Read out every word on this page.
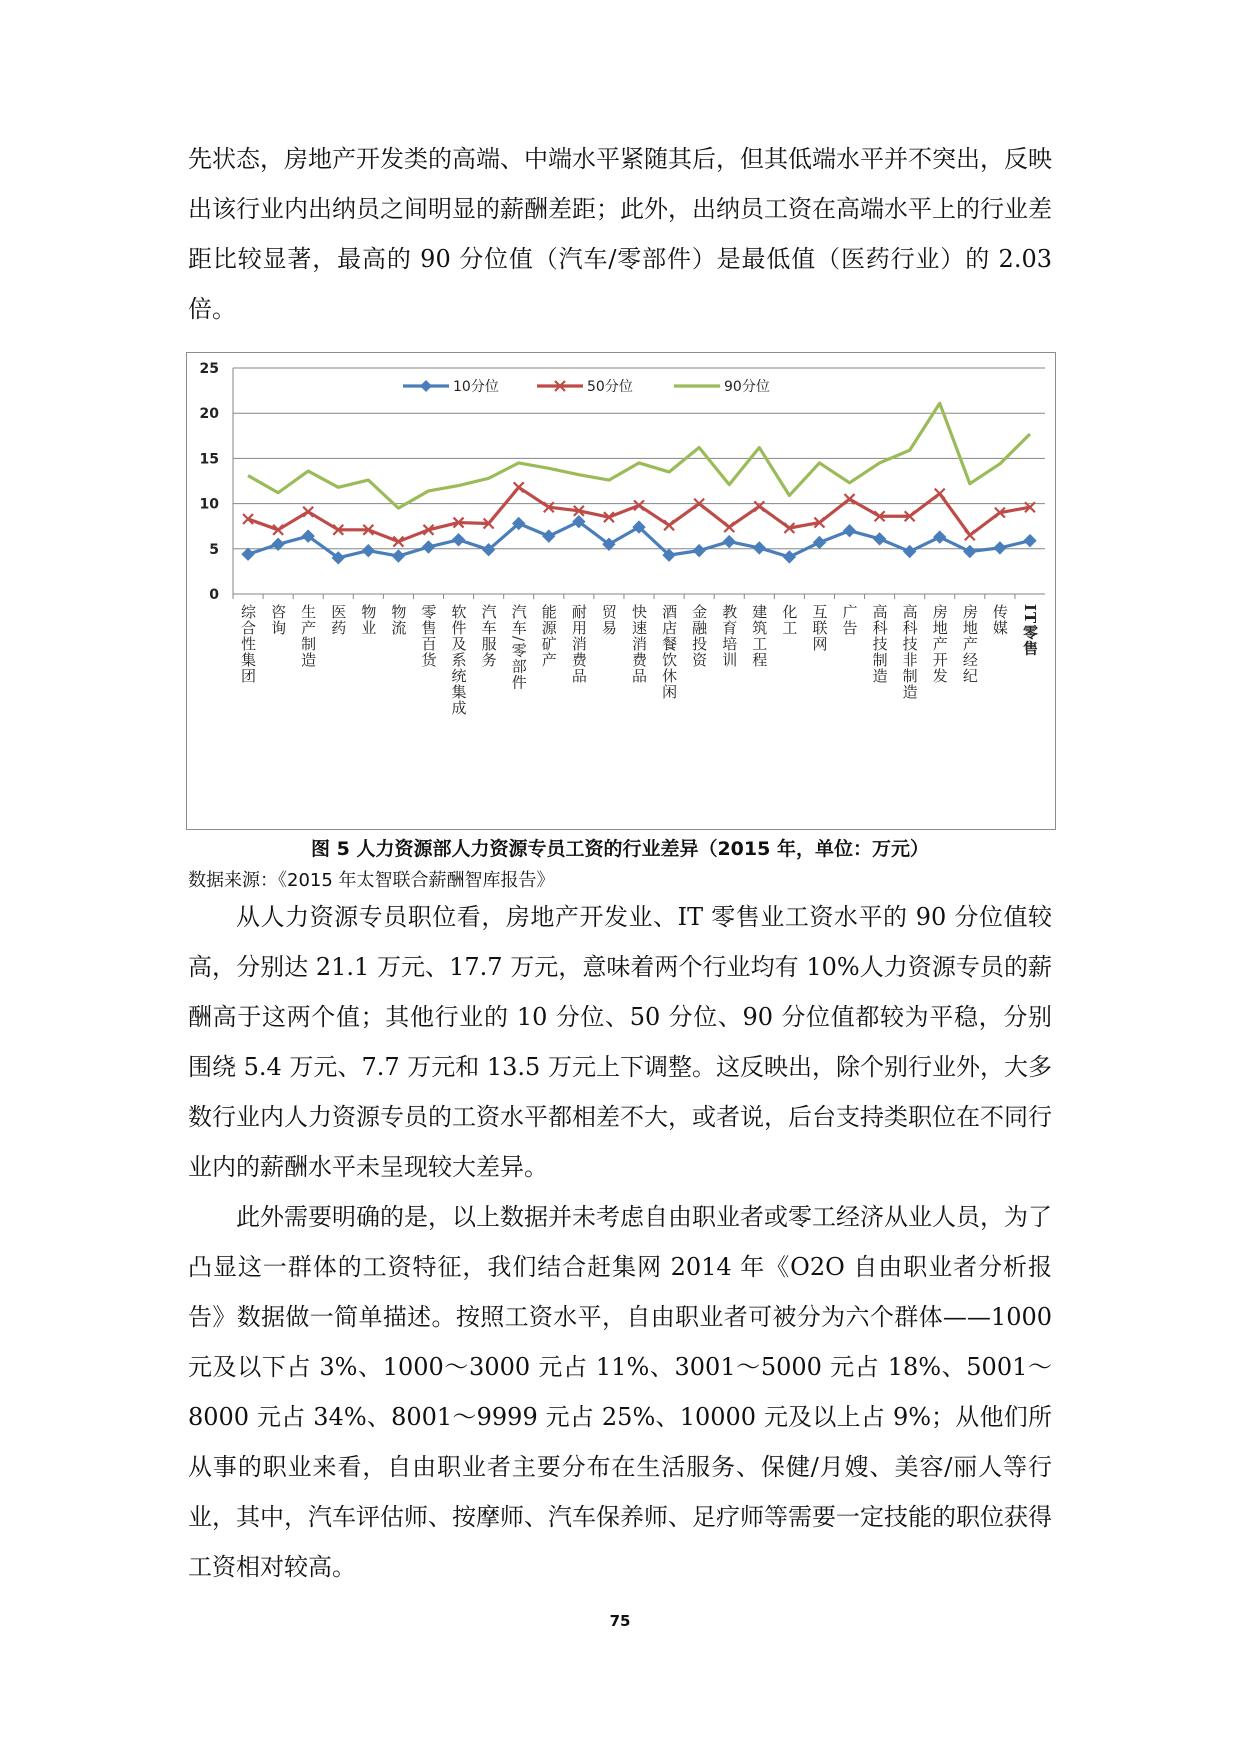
先状态，房地产开发类的高端、中端水平紧随其后，但其低端水平并不突出，反映出该行业内出纳员之间明显的薪酬差距；此外，出纳员工资在高端水平上的行业差距比较显著，最高的 90 分位值（汽车/零部件）是最低值（医药行业）的 2.03 倍。

0
5
10
15
20
25
综合性集团 咨询 生产制造 医药 物业 物流 零售百货 软件及系统集成 汽车服务 汽车/零部件 能源矿产 耐用消费品 贸易 快速消费品 酒店餐饮休闲 金融投资 教育培训 建筑工程 化工 互联网 广告 高科技制造 高科技非制造 房地产开发 房地产经纪 传媒 IT零售
10分位	50分位	90分位
图 5 人力资源部人力资源专员工资的行业差异（2015 年，单位：万元）
数据来源：《2015 年太智联合薪酬智库报告》

从人力资源专员职位看，房地产开发业、IT 零售业工资水平的 90 分位值较高，分别达 21.1 万元、17.7 万元，意味着两个行业均有 10%人力资源专员的薪酬高于这两个值；其他行业的 10 分位、50 分位、90 分位值都较为平稳，分别围绕 5.4 万元、7.7 万元和 13.5 万元上下调整。这反映出，除个别行业外，大多数行业内人力资源专员的工资水平都相差不大，或者说，后台支持类职位在不同行业内的薪酬水平未呈现较大差异。

此外需要明确的是，以上数据并未考虑自由职业者或零工经济从业人员，为了凸显这一群体的工资特征，我们结合赶集网 2014 年《O2O 自由职业者分析报告》数据做一简单描述。按照工资水平，自由职业者可被分为六个群体——1000 元及以下占 3%、1000～3000 元占 11%、3001～5000 元占 18%、5001～8000 元占 34%、8001～9999 元占 25%、10000 元及以上占 9%；从他们所从事的职业来看，自由职业者主要分布在生活服务、保健/月嫂、美容/丽人等行业，其中，汽车评估师、按摩师、汽车保养师、足疗师等需要一定技能的职位获得工资相对较高。

75
